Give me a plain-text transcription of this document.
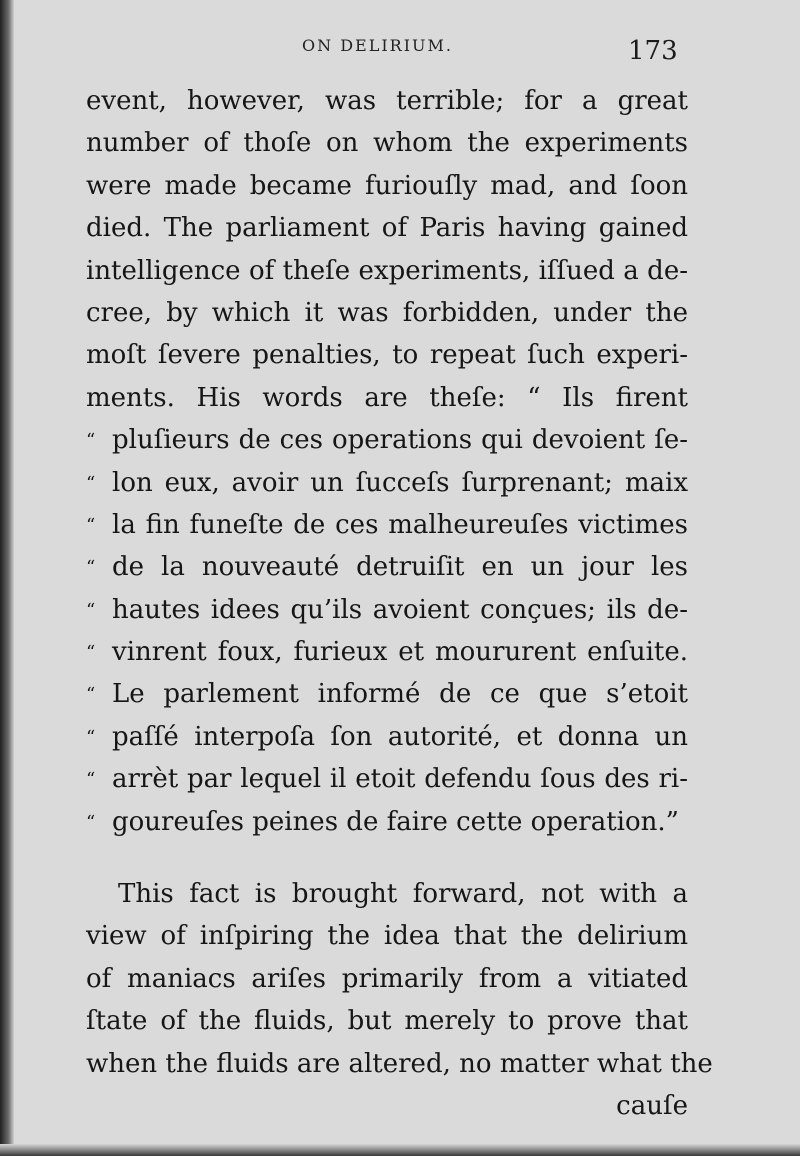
ON DELIRIUM.	173
event, however, was terrible; for a great
number of thoſe on whom the experiments
were made became furiouſly mad, and ſoon
died. The parliament of Paris having gained
intelligence of theſe experiments, iſſued a de-
cree, by which it was forbidden, under the
moſt ſevere penalties, to repeat ſuch experi-
ments. His words are theſe: “ Ils firent
“ pluſieurs de ces operations qui devoient ſe-
“ lon eux, avoir un ſuccеſs ſurprenant; maix
“ la fin funeſte de ces malheureuſes victimes
“ de la nouveauté detruiſit en un jour les
“ hautes idees qu’ils avoient conçues; ils de-
“ vinrent foux, furieux et moururent enſuite.
“ Le parlement informé de ce que s’etoit
“ paſſé interpoſa ſon autorité, et donna un
“ arrèt par lequel il etoit defendu ſous des ri-
“ goureuſes peines de faire cette operation.”
This fact is brought forward, not with a
view of inſpiring the idea that the delirium
of maniacs ariſes primarily from a vitiated
ſtate of the fluids, but merely to prove that
when the fluids are altered, no matter what the
cauſe
